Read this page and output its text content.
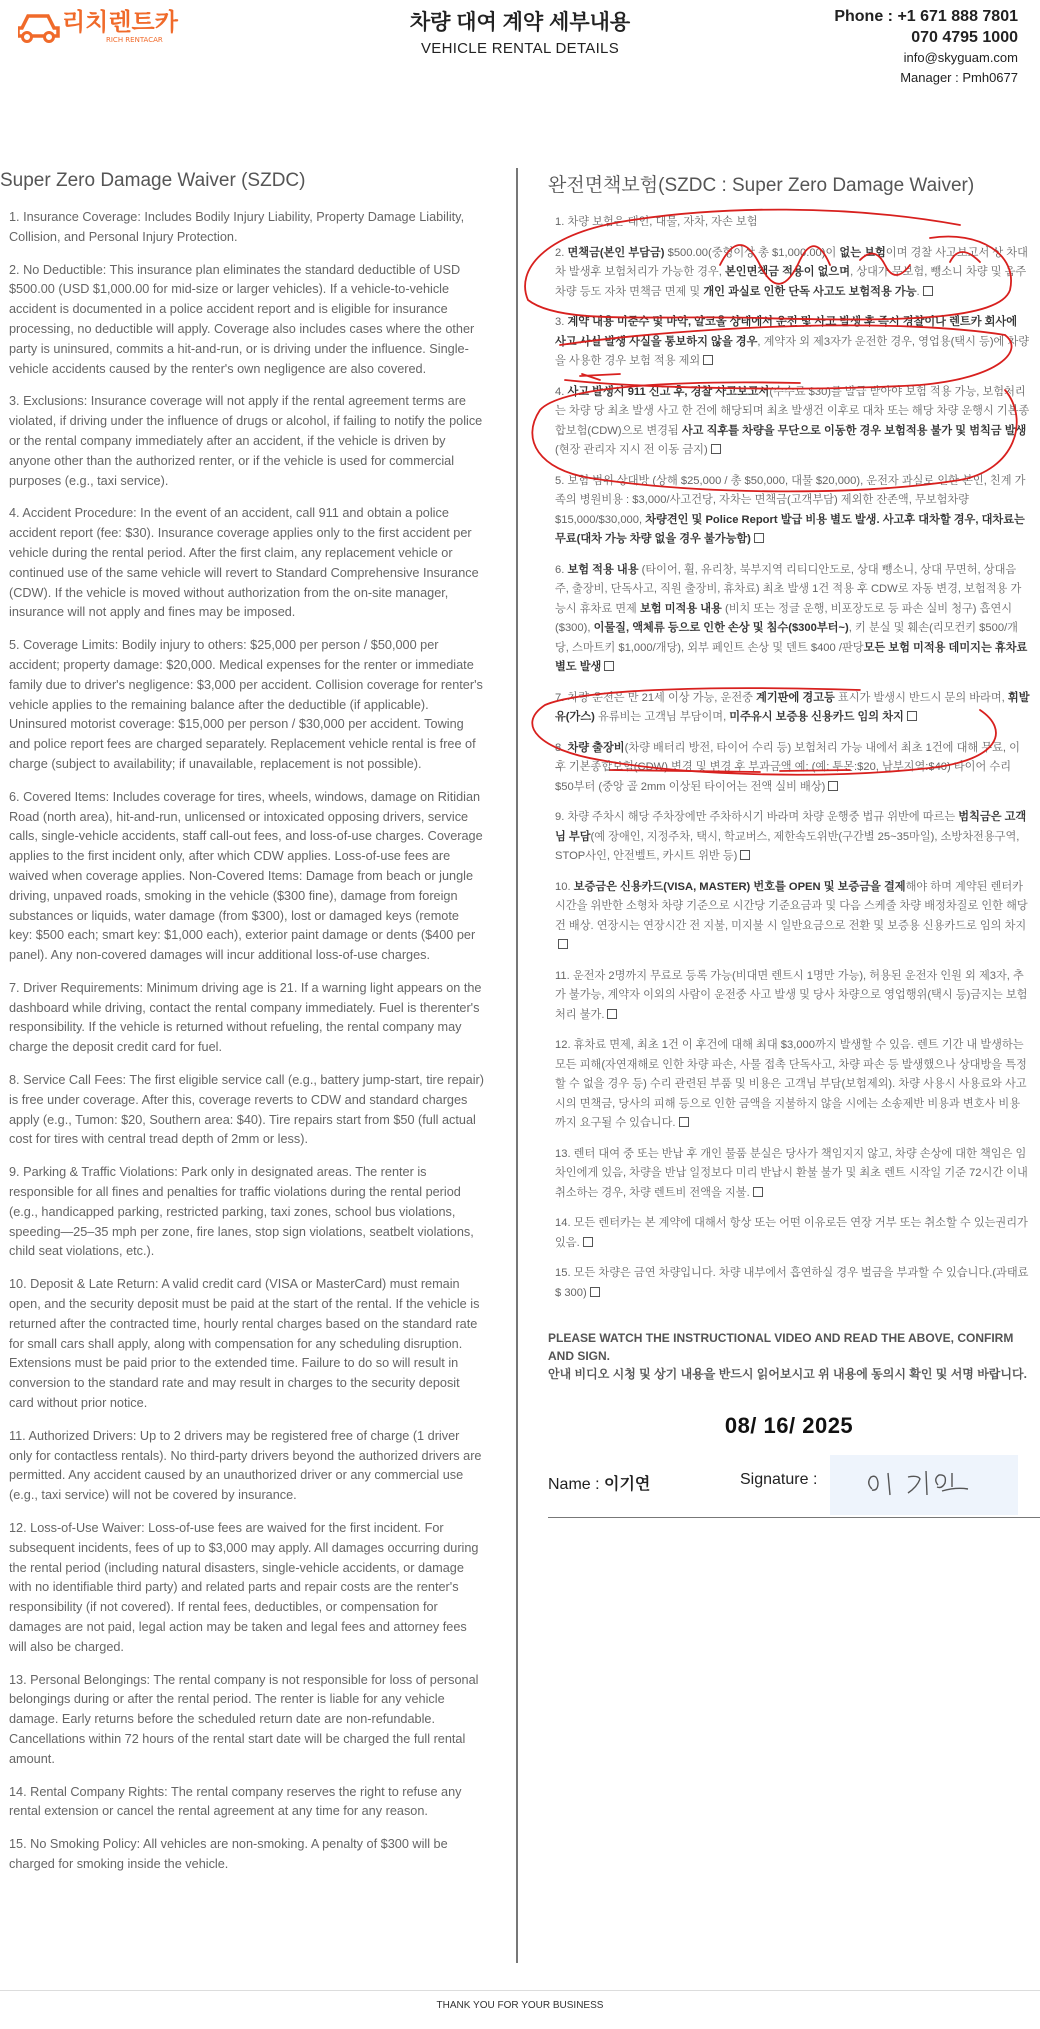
리치렌트카
RICH RENTACAR
차량 대여 계약 세부내용
VEHICLE RENTAL DETAILS
Phone : +1 671 888 7801
070 4795 1000
info@skyguam.com
Manager : Pmh0677
Super Zero Damage Waiver (SZDC)
1. Insurance Coverage: Includes Bodily Injury Liability, Property Damage Liability, Collision, and Personal Injury Protection.
2. No Deductible: This insurance plan eliminates the standard deductible of USD $500.00 (USD $1,000.00 for mid-size or larger vehicles). If a vehicle-to-vehicle accident is documented in a police accident report and is eligible for insurance processing, no deductible will apply. Coverage also includes cases where the other party is uninsured, commits a hit-and-run, or is driving under the influence. Single-vehicle accidents caused by the renter's own negligence are also covered.
3. Exclusions: Insurance coverage will not apply if the rental agreement terms are violated, if driving under the influence of drugs or alcohol, if failing to notify the police or the rental company immediately after an accident, if the vehicle is driven by anyone other than the authorized renter, or if the vehicle is used for commercial purposes (e.g., taxi service).
4. Accident Procedure: In the event of an accident, call 911 and obtain a police accident report (fee: $30). Insurance coverage applies only to the first accident per vehicle during the rental period. After the first claim, any replacement vehicle or continued use of the same vehicle will revert to Standard Comprehensive Insurance (CDW). If the vehicle is moved without authorization from the on-site manager, insurance will not apply and fines may be imposed.
5. Coverage Limits: Bodily injury to others: $25,000 per person / $50,000 per accident; property damage: $20,000. Medical expenses for the renter or immediate family due to driver's negligence: $3,000 per accident. Collision coverage for renter's vehicle applies to the remaining balance after the deductible (if applicable). Uninsured motorist coverage: $15,000 per person / $30,000 per accident. Towing and police report fees are charged separately. Replacement vehicle rental is free of charge (subject to availability; if unavailable, replacement is not possible).
6. Covered Items: Includes coverage for tires, wheels, windows, damage on Ritidian Road (north area), hit-and-run, unlicensed or intoxicated opposing drivers, service calls, single-vehicle accidents, staff call-out fees, and loss-of-use charges. Coverage applies to the first incident only, after which CDW applies. Loss-of-use fees are waived when coverage applies. Non-Covered Items: Damage from beach or jungle driving, unpaved roads, smoking in the vehicle ($300 fine), damage from foreign substances or liquids, water damage (from $300), lost or damaged keys (remote key: $500 each; smart key: $1,000 each), exterior paint damage or dents ($400 per panel). Any non-covered damages will incur additional loss-of-use charges.
7. Driver Requirements: Minimum driving age is 21. If a warning light appears on the dashboard while driving, contact the rental company immediately. Fuel is therenter's responsibility. If the vehicle is returned without refueling, the rental company may charge the deposit credit card for fuel.
8. Service Call Fees: The first eligible service call (e.g., battery jump-start, tire repair) is free under coverage. After this, coverage reverts to CDW and standard charges apply (e.g., Tumon: $20, Southern area: $40). Tire repairs start from $50 (full actual cost for tires with central tread depth of 2mm or less).
9. Parking & Traffic Violations: Park only in designated areas. The renter is responsible for all fines and penalties for traffic violations during the rental period (e.g., handicapped parking, restricted parking, taxi zones, school bus violations, speeding—25–35 mph per zone, fire lanes, stop sign violations, seatbelt violations, child seat violations, etc.).
10. Deposit & Late Return: A valid credit card (VISA or MasterCard) must remain open, and the security deposit must be paid at the start of the rental. If the vehicle is returned after the contracted time, hourly rental charges based on the standard rate for small cars shall apply, along with compensation for any scheduling disruption. Extensions must be paid prior to the extended time. Failure to do so will result in conversion to the standard rate and may result in charges to the security deposit card without prior notice.
11. Authorized Drivers: Up to 2 drivers may be registered free of charge (1 driver only for contactless rentals). No third-party drivers beyond the authorized drivers are permitted. Any accident caused by an unauthorized driver or any commercial use (e.g., taxi service) will not be covered by insurance.
12. Loss-of-Use Waiver: Loss-of-use fees are waived for the first incident. For subsequent incidents, fees of up to $3,000 may apply. All damages occurring during the rental period (including natural disasters, single-vehicle accidents, or damage with no identifiable third party) and related parts and repair costs are the renter's responsibility (if not covered). If rental fees, deductibles, or compensation for damages are not paid, legal action may be taken and legal fees and attorney fees will also be charged.
13. Personal Belongings: The rental company is not responsible for loss of personal belongings during or after the rental period. The renter is liable for any vehicle damage. Early returns before the scheduled return date are non-refundable. Cancellations within 72 hours of the rental start date will be charged the full rental amount.
14. Rental Company Rights: The rental company reserves the right to refuse any rental extension or cancel the rental agreement at any time for any reason.
15. No Smoking Policy: All vehicles are non-smoking. A penalty of $300 will be charged for smoking inside the vehicle.
완전면책보험(SZDC : Super Zero Damage Waiver)
1. 차량 보험은 대인, 대물, 자차, 자손 보험
2. 면책금(본인 부담금) $500.00(중형이상 총 $1,000.00)이 없는 보험이며 경찰 사고보고서 상 차대차 발생후 보험처리가 가능한 경우, 본인면책금 적용이 없으며, 상대가 무보험, 뺑소니 차량 및 음주차량 등도 자차 면책금 면제 및 개인 과실로 인한 단독 사고도 보험적용 가능.
3. 계약 내용 미준수 및 마약, 알코올 상태에서 운전 및 사고 발생 후 즉시 경찰이나 렌트카 회사에 사고 사실 발생 사실을 통보하지 않을 경우, 계약자 외 제3자가 운전한 경우, 영업용(택시 등)에 차량을 사용한 경우 보험 적용 제외
4. 사고 발생시 911 신고 후, 경찰 사고보고서(수수료 $30)를 발급 받아야 보험 적용 가능, 보험처리는 차량 당 최초 발생 사고 한 건에 해당되며 최초 발생건 이후로 대차 또는 해당 차량 운행시 기본종합보험(CDW)으로 변경됨 사고 직후틀 차량을 무단으로 이동한 경우 보험적용 불가 및 범칙금 발생 (현장 관리자 지시 전 이동 금지)
5. 보험 범위 상대방 (상해 $25,000 / 총 $50,000, 대물 $20,000), 운전자 과실로 인한 본인, 친계 가족의 병원비용 : $3,000/사고건당, 자차는 면책금(고객부담) 제외한 잔존액, 무보험차량 $15,000/$30,000, 차량견인 및 Police Report 발급 비용 별도 발생. 사고후 대차할 경우, 대차료는 무료(대차 가능 차량 없을 경우 불가능함)
6. 보험 적용 내용 (타이어, 휠, 유리창, 북부지역 리티디안도로, 상대 뺑소니, 상대 무면허, 상대음주, 출장비, 단독사고, 직원 출장비, 휴차료) 최초 발생 1건 적용 후 CDW로 자동 변경, 보험적용 가능시 휴차료 면제 보험 미적용 내용 (비치 또는 정글 운행, 비포장도로 등 파손 실비 청구) 흡연시($300), 이물질, 액체류 등으로 인한 손상 및 침수($300부터~), 키 분실 및 훼손(리모컨키 $500/개당, 스마트키 $1,000/개당), 외부 페인트 손상 및 덴트 $400 /판당모든 보험 미적용 데미지는 휴차료 별도 발생
7. 차량 운전은 만 21세 이상 가능, 운전중 계기판에 경고등 표시가 발생시 반드시 문의 바라며, 휘발유(가스) 유류비는 고객님 부담이며, 미주유시 보증용 신용카드 임의 차지
8. 차량 출장비(차량 배터리 방전, 타이어 수리 등) 보험처리 가능 내에서 최초 1건에 대해 무료, 이후 기본종합보험(CDW) 변경 및 변경 후 부과금액 예: (예: 투몬:$20, 남부지역:$40) 타이어 수리 $50부터 (중앙 골 2mm 이상된 타이어는 전액 실비 배상)
9. 차량 주차시 해당 주차장에만 주차하시기 바라며 차량 운행중 법규 위반에 따르는 범칙금은 고객님 부담(예 장애인, 지정주차, 택시, 학교버스, 제한속도위반(구간별 25~35마일), 소방차전용구역, STOP사인, 안전벨트, 카시트 위반 등)
10. 보증금은 신용카드(VISA, MASTER) 번호를 OPEN 및 보증금을 결제해야 하며 계약된 렌터카 시간을 위반한 소형차 차량 기준으로 시간당 기준요금과 및 다음 스케줄 차량 배정차질로 인한 해당건 배상. 연장시는 연장시간 전 지불, 미지불 시 일반요금으로 전환 및 보증용 신용카드로 임의 차지
11. 운전자 2명까지 무료로 등록 가능(비대면 렌트시 1명만 가능), 허용된 운전자 인원 외 제3자, 추가 불가능, 계약자 이외의 사람이 운전중 사고 발생 및 당사 차량으로 영업행위(택시 등)금지는 보험 처리 불가.
12. 휴차료 면제, 최초 1건 이 후건에 대해 최대 $3,000까지 발생할 수 있음. 렌트 기간 내 발생하는 모든 피해(자연재해로 인한 차량 파손, 사물 접촉 단독사고, 차량 파손 등 발생했으나 상대방을 특정할 수 없을 경우 등) 수리 관련된 부품 및 비용은 고객님 부담(보험제외). 차량 사용시 사용료와 사고시의 면책금, 당사의 피해 등으로 인한 금액을 지불하지 않을 시에는 소송제반 비용과 변호사 비용까지 요구될 수 있습니다.
13. 렌터 대여 중 또는 반납 후 개인 물품 분실은 당사가 책임지지 않고, 차량 손상에 대한 책임은 임차인에게 있음, 차량을 반납 일정보다 미리 반납시 환불 불가 및 최초 렌트 시작일 기준 72시간 이내 취소하는 경우, 차량 렌트비 전액을 지불.
14. 모든 렌터카는 본 계약에 대해서 항상 또는 어떤 이유로든 연장 거부 또는 취소할 수 있는권리가 있음.
15. 모든 차량은 금연 차량입니다. 차량 내부에서 흡연하실 경우 벌금을 부과할 수 있습니다.(과태료 $ 300)
PLEASE WATCH THE INSTRUCTIONAL VIDEO AND READ THE ABOVE, CONFIRM AND SIGN.
안내 비디오 시청 및 상기 내용을 반드시 읽어보시고 위 내용에 동의시 확인 및 서명 바랍니다.
08/ 16/ 2025
Name : 이기연	Signature :
THANK YOU FOR YOUR BUSINESS
